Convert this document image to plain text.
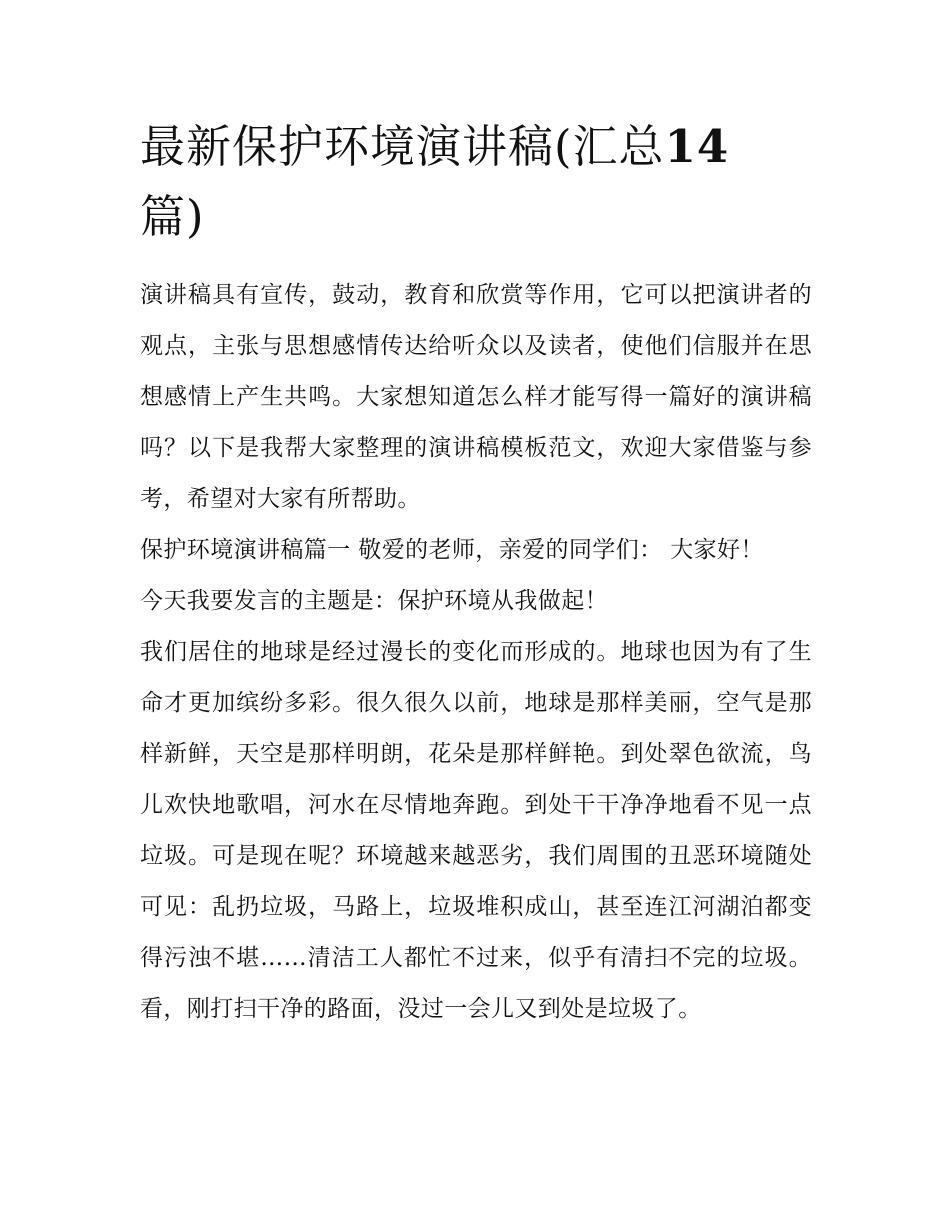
最新保护环境演讲稿(汇总14
篇)

演讲稿具有宣传，鼓动，教育和欣赏等作用，它可以把演讲者的观点，主张与思想感情传达给听众以及读者，使他们信服并在思想感情上产生共鸣。大家想知道怎么样才能写得一篇好的演讲稿吗？以下是我帮大家整理的演讲稿模板范文，欢迎大家借鉴与参考，希望对大家有所帮助。

保护环境演讲稿篇一 敬爱的老师，亲爱的同学们： 大家好！

今天我要发言的主题是：保护环境从我做起！

我们居住的地球是经过漫长的变化而形成的。地球也因为有了生命才更加缤纷多彩。很久很久以前，地球是那样美丽，空气是那样新鲜，天空是那样明朗，花朵是那样鲜艳。到处翠色欲流，鸟儿欢快地歌唱，河水在尽情地奔跑。到处干干净净地看不见一点垃圾。可是现在呢？环境越来越恶劣，我们周围的丑恶环境随处可见：乱扔垃圾，马路上，垃圾堆积成山，甚至连江河湖泊都变得污浊不堪……清洁工人都忙不过来，似乎有清扫不完的垃圾。看，刚打扫干净的路面，没过一会儿又到处是垃圾了。
